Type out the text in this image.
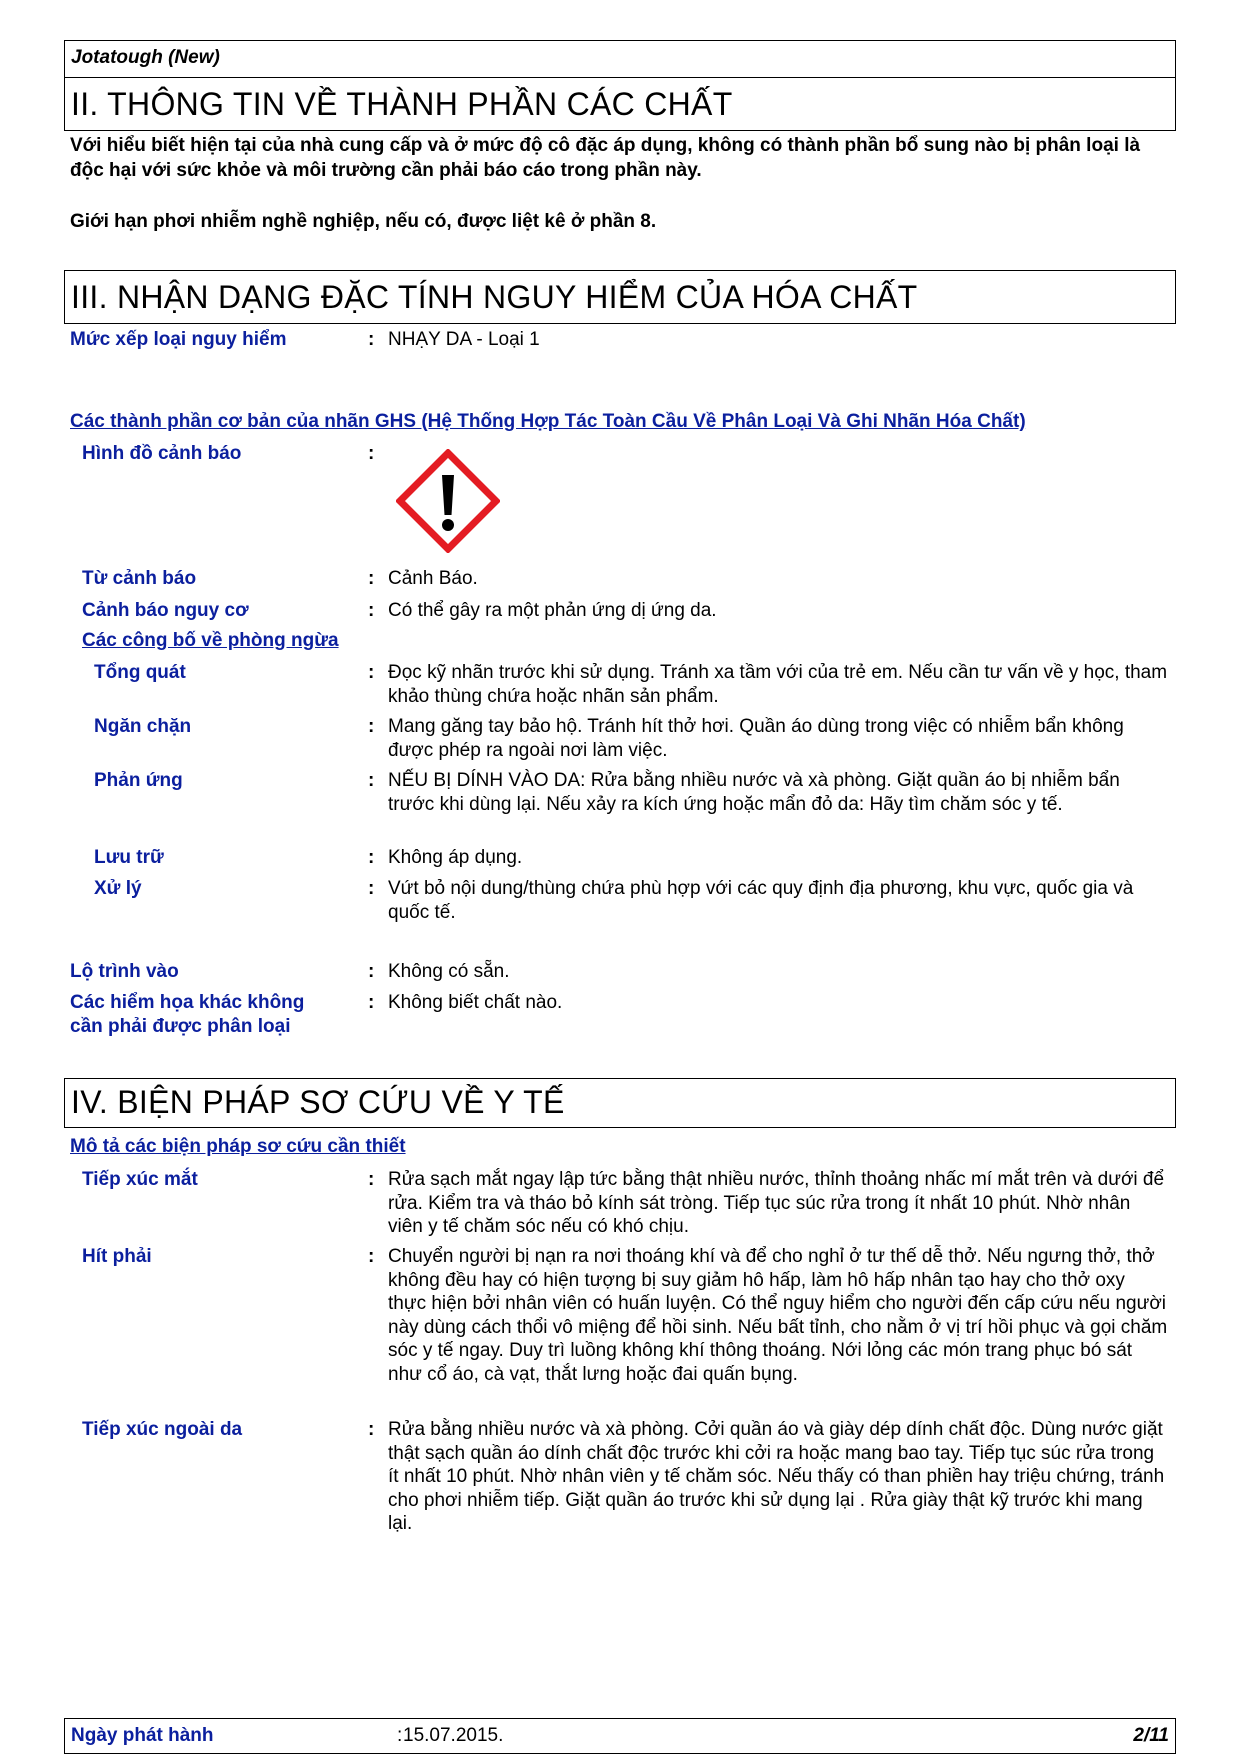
Jotatough (New)
II. THÔNG TIN VỀ THÀNH PHẦN CÁC CHẤT
Với hiểu biết hiện tại của nhà cung cấp và ở mức độ cô đặc áp dụng, không có thành phần bổ sung nào bị phân loại là độc hại với sức khỏe và môi trường cần phải báo cáo trong phần này.
Giới hạn phơi nhiễm nghề nghiệp, nếu có, được liệt kê ở phần 8.
III. NHẬN DẠNG ĐẶC TÍNH NGUY HIỂM CỦA HÓA CHẤT
Mức xếp loại nguy hiểm	: NHẠY DA - Loại 1
Các thành phần cơ bản của nhãn GHS (Hệ Thống Hợp Tác Toàn Cầu Về Phân Loại Và Ghi Nhãn Hóa Chất)
Hình đồ cảnh báo	:
Từ cảnh báo	: Cảnh Báo.
Cảnh báo nguy cơ	: Có thể gây ra một phản ứng dị ứng da.
Các công bố về phòng ngừa
Tổng quát	: Đọc kỹ nhãn trước khi sử dụng. Tránh xa tầm với của trẻ em. Nếu cần tư vấn về y học, tham khảo thùng chứa hoặc nhãn sản phẩm.
Ngăn chặn	: Mang găng tay bảo hộ. Tránh hít thở hơi. Quần áo dùng trong việc có nhiễm bẩn không được phép ra ngoài nơi làm việc.
Phản ứng	: NẾU BỊ DÍNH VÀO DA: Rửa bằng nhiều nước và xà phòng. Giặt quần áo bị nhiễm bẩn trước khi dùng lại. Nếu xảy ra kích ứng hoặc mẩn đỏ da: Hãy tìm chăm sóc y tế.
Lưu trữ	: Không áp dụng.
Xử lý	: Vứt bỏ nội dung/thùng chứa phù hợp với các quy định địa phương, khu vực, quốc gia và quốc tế.
Lộ trình vào	: Không có sẵn.
Các hiểm họa khác không cần phải được phân loại
: Không biết chất nào.
IV. BIỆN PHÁP SƠ CỨU VỀ Y TẾ
Mô tả các biện pháp sơ cứu cần thiết
Tiếp xúc mắt	: Rửa sạch mắt ngay lập tức bằng thật nhiều nước, thỉnh thoảng nhấc mí mắt trên và dưới để rửa. Kiểm tra và tháo bỏ kính sát tròng. Tiếp tục súc rửa trong ít nhất 10 phút. Nhờ nhân viên y tế chăm sóc nếu có khó chịu.
Hít phải	: Chuyển người bị nạn ra nơi thoáng khí và để cho nghỉ ở tư thế dễ thở. Nếu ngưng thở, thở không đều hay có hiện tượng bị suy giảm hô hấp, làm hô hấp nhân tạo hay cho thở oxy thực hiện bởi nhân viên có huấn luyện. Có thể nguy hiểm cho người đến cấp cứu nếu người này dùng cách thổi vô miệng để hồi sinh. Nếu bất tỉnh, cho nằm ở vị trí hồi phục và gọi chăm sóc y tế ngay. Duy trì luồng không khí thông thoáng. Nới lỏng các món trang phục bó sát như cổ áo, cà vạt, thắt lưng hoặc đai quấn bụng.
Tiếp xúc ngoài da	: Rửa bằng nhiều nước và xà phòng. Cởi quần áo và giày dép dính chất độc. Dùng nước giặt thật sạch quần áo dính chất độc trước khi cởi ra hoặc mang bao tay. Tiếp tục súc rửa trong ít nhất 10 phút. Nhờ nhân viên y tế chăm sóc. Nếu thấy có than phiền hay triệu chứng, tránh cho phơi nhiễm tiếp. Giặt quần áo trước khi sử dụng lại . Rửa giày thật kỹ trước khi mang lại.
Ngày phát hành	: 15.07.2015.	2/11
